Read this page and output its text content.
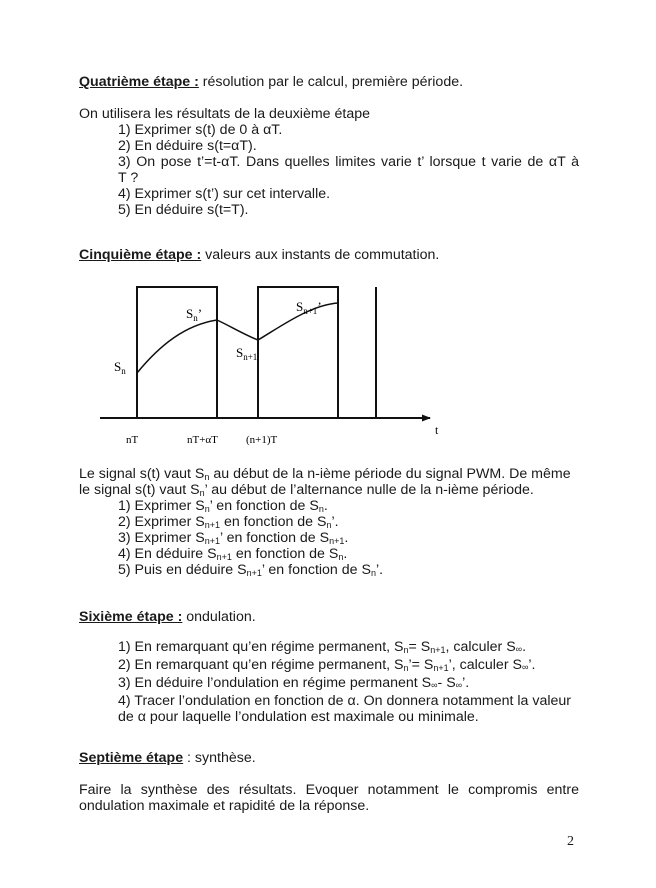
Quatrième étape : résolution par le calcul, première période.
On utilisera les résultats de la deuxième étape
1) Exprimer s(t) de 0 à αT.
2) En déduire s(t=αT).
3) On pose t’=t-αT. Dans quelles limites varie t’ lorsque t varie de αT à
T ?
4) Exprimer s(t’) sur cet intervalle.
5) En déduire s(t=T).
Cinquième étape : valeurs aux instants de commutation.
$S_n$
$S_n$’
$S_{n+1}$
$S_{n+1}$’
nT	nT+αT	(n+1)T
t
Le signal s(t) vaut $S_n$ au début de la n-ième période du signal PWM. De même
le signal s(t) vaut $S_n$’ au début de l’alternance nulle de la n-ième période.
1) Exprimer $S_n$’ en fonction de $S_n$.
2) Exprimer $S_{n+1}$ en fonction de $S_n$’.
3) Exprimer $S_{n+1}$’ en fonction de $S_{n+1}$.
4) En déduire $S_{n+1}$ en fonction de $S_n$.
5) Puis en déduire $S_{n+1}$’ en fonction de $S_n$’.
Sixième étape : ondulation.
1) En remarquant qu’en régime permanent, $S_n= S_{n+1}$, calculer S∞.
2) En remarquant qu’en régime permanent, $S_n’= S_{n+1}$’, calculer S∞’.
3) En déduire l’ondulation en régime permanent S∞- S∞’.
4) Tracer l’ondulation en fonction de α. On donnera notamment la valeur
de α pour laquelle l’ondulation est maximale ou minimale.
Septième étape : synthèse.
Faire la synthèse des résultats. Evoquer notamment le compromis entre
ondulation maximale et rapidité de la réponse.
2
